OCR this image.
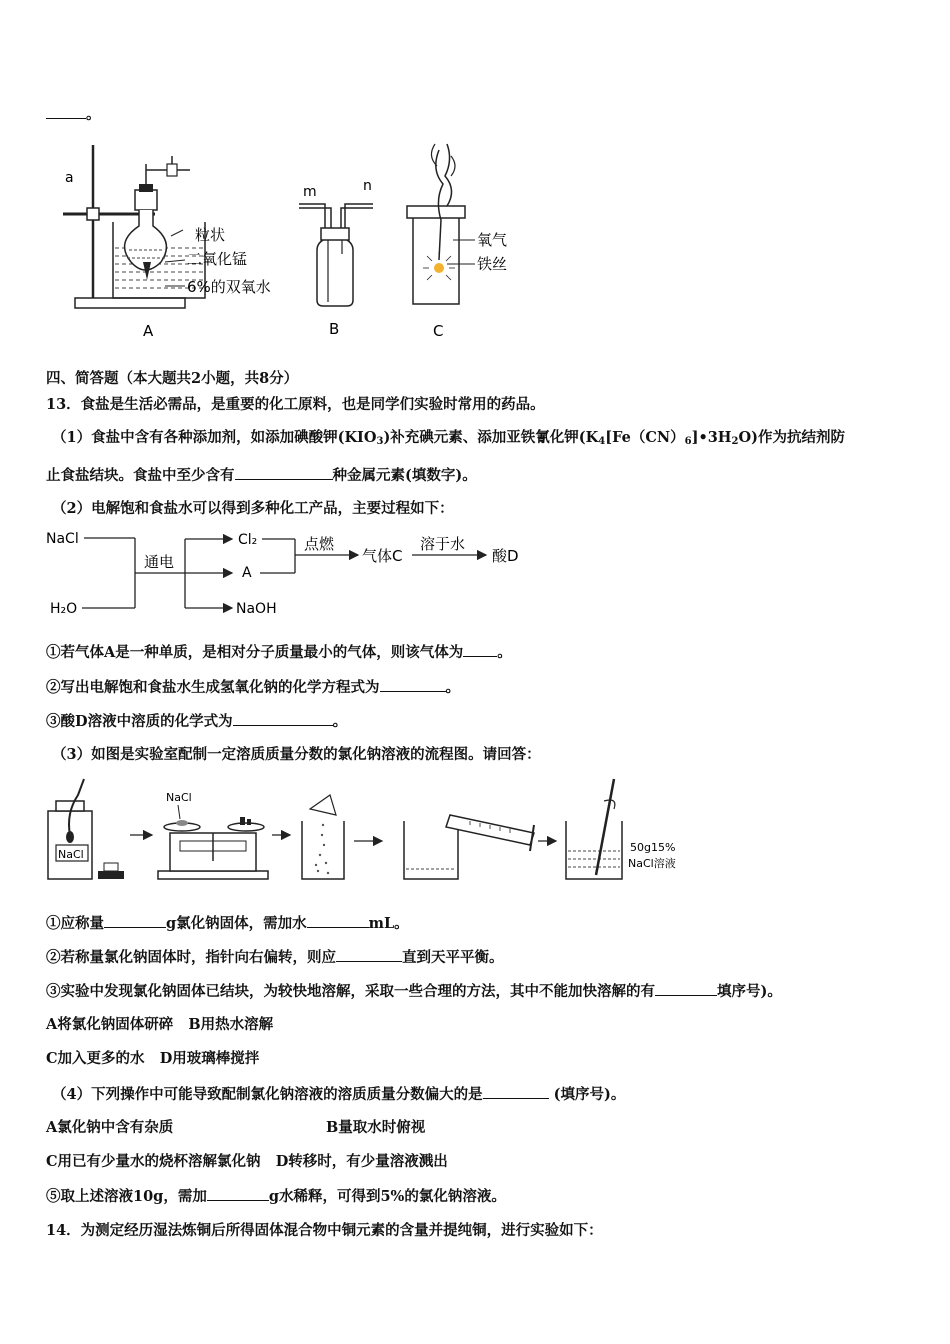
。
a
粒状
二氧化锰
6%的双氧水
A
m	n
B
氧气
铁丝
C
四、简答题（本大题共2小题，共8分）
13．食盐是生活必需品，是重要的化工原料，也是同学们实验时常用的药品。
（1）食盐中含有各种添加剂，如添加碘酸钾$(KIO_3)$补充碘元素、添加亚铁氰化钾$(K_4[Fe(CN)_6]•3H_2O)$作为抗结剂防
止食盐结块。食盐中至少含有	种金属元素(填数字)。
（2）电解饱和食盐水可以得到多种化工产品，主要过程如下：
NaCl
H₂O
通电
Cl₂
A
NaOH
点燃
气体C
溶于水
酸D
①若气体A是一种单质，是相对分子质量最小的气体，则该气体为 。
②写出电解饱和食盐水生成氢氧化钠的化学方程式为	。
③酸D溶液中溶质的化学式为	。
（3）如图是实验室配制一定溶质质量分数的氯化钠溶液的流程图。请回答：
NaCl
NaCl
50g15%
NaCl溶液
①应称量	g氯化钠固体，需加水	mL。
②若称量氯化钠固体时，指针向右偏转，则应	直到天平平衡。
③实验中发现氯化钠固体已结块，为较快地溶解，采取一些合理的方法，其中不能加快溶解的有	填序号)。
A将氯化钠固体研碎 B用热水溶解
C加入更多的水 D用玻璃棒搅拌
（4）下列操作中可能导致配制氯化钠溶液的溶质质量分数偏大的是	(填序号)。
A氯化钠中含有杂质	B量取水时俯视
C用已有少量水的烧杯溶解氯化钠 D转移时，有少量溶液溅出
⑤取上述溶液10g，需加	g水稀释，可得到5%的氯化钠溶液。
14．为测定经历湿法炼铜后所得固体混合物中铜元素的含量并提纯铜，进行实验如下：
